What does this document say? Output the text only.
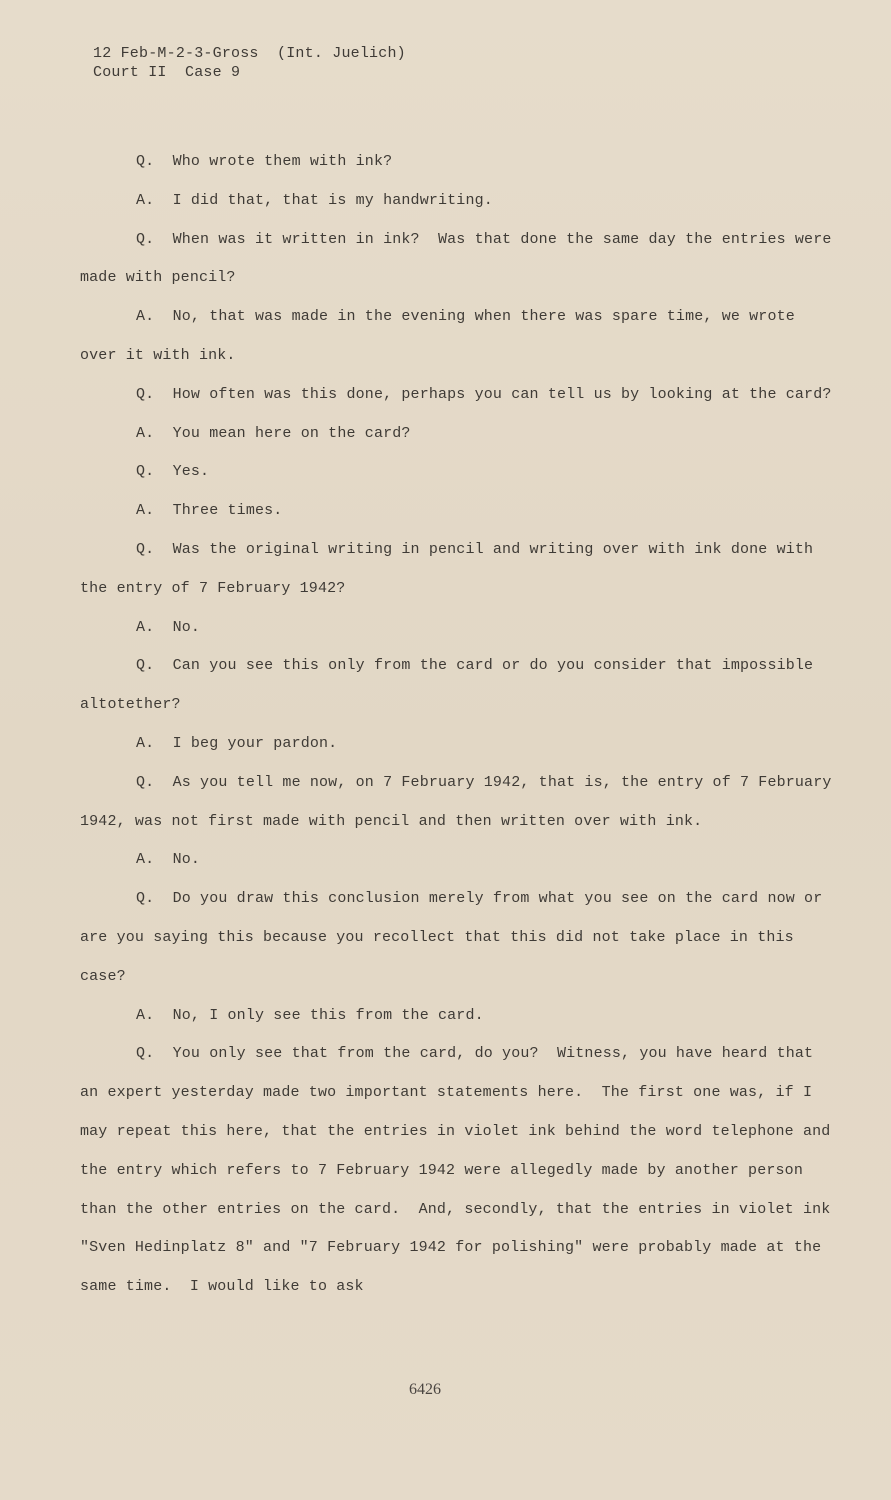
12 Feb-M-2-3-Gross  (Int. Juelich)
Court II  Case 9

Q.  Who wrote them with ink?

A.  I did that, that is my handwriting.

Q.  When was it written in ink?  Was that done the same day the entries were made with pencil?

A.  No, that was made in the evening when there was spare time, we wrote over it with ink.

Q.  How often was this done, perhaps you can tell us by looking at the card?

A.  You mean here on the card?

Q.  Yes.

A.  Three times.

Q.  Was the original writing in pencil and writing over with ink done with the entry of 7 February 1942?

A.  No.

Q.  Can you see this only from the card or do you consider that impossible altotether?

A.  I beg your pardon.

Q.  As you tell me now, on 7 February 1942, that is, the entry of 7 February 1942, was not first made with pencil and then written over with ink.

A.  No.

Q.  Do you draw this conclusion merely from what you see on the card now or are you saying this because you recollect that this did not take place in this case?

A.  No, I only see this from the card.

Q.  You only see that from the card, do you?  Witness, you have heard that an expert yesterday made two important statements here.  The first one was, if I may repeat this here, that the entries in violet ink behind the word telephone and the entry which refers to 7 February 1942 were allegedly made by another person than the other entries on the card.  And, secondly, that the entries in violet ink "Sven Hedinplatz 8" and "7 February 1942 for polishing" were probably made at the same time.  I would like to ask

6426
